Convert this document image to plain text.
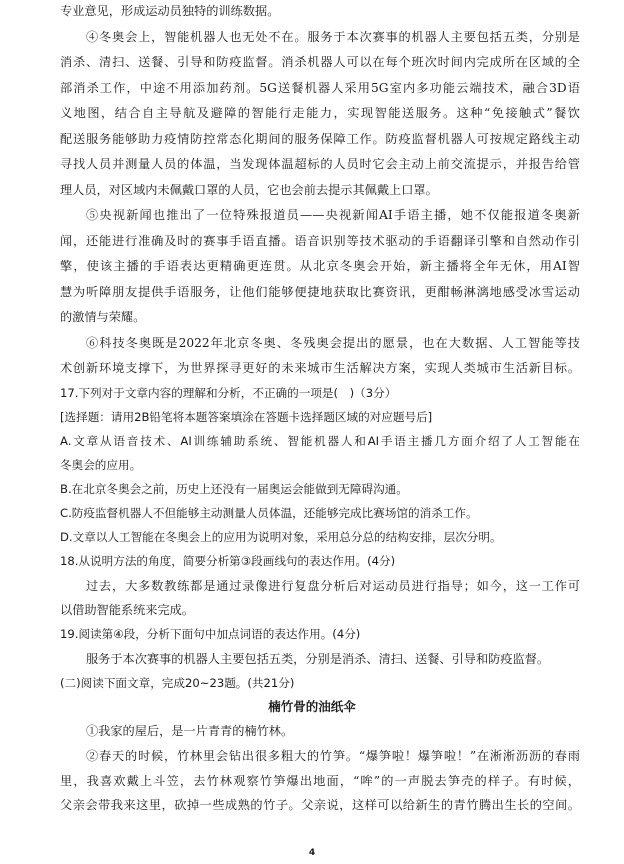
专业意见，形成运动员独特的训练数据。
④冬奥会上，智能机器人也无处不在。服务于本次赛事的机器人主要包括五类，分别是
消杀、清扫、送餐、引导和防疫监督。消杀机器人可以在每个班次时间内完成所在区域的全
部消杀工作，中途不用添加药剂。5G送餐机器人采用5G室内多功能云端技术，融合3D语
义地图，结合自主导航及避障的智能行走能力，实现智能送服务。这种“免接触式”餐饮
配送服务能够助力疫情防控常态化期间的服务保障工作。防疫监督机器人可按规定路线主动
寻找人员并测量人员的体温，当发现体温超标的人员时它会主动上前交流提示，并报告给管
理人员，对区域内未佩戴口罩的人员，它也会前去提示其佩戴上口罩。
⑤央视新闻也推出了一位特殊报道员——央视新闻AI手语主播，她不仅能报道冬奥新
闻，还能进行准确及时的赛事手语直播。语音识别等技术驱动的手语翻译引擎和自然动作引
擎，使该主播的手语表达更精确更连贯。从北京冬奥会开始，新主播将全年无休，用AI智
慧为听障朋友提供手语服务，让他们能够便捷地获取比赛资讯，更酣畅淋漓地感受冰雪运动
的激情与荣耀。
⑥科技冬奥既是2022年北京冬奥、冬残奥会提出的愿景，也在大数据、人工智能等技
术创新环境支撑下，为世界探寻更好的未来城市生活解决方案，实现人类城市生活新目标。
17.下列对于文章内容的理解和分析，不正确的一项是(　)（3分）
[选择题：请用2B铅笔将本题答案填涂在答题卡选择题区域的对应题号后]
A.文章从语音技术、AI训练辅助系统、智能机器人和AI手语主播几方面介绍了人工智能在
冬奥会的应用。
B.在北京冬奥会之前，历史上还没有一届奥运会能做到无障碍沟通。
C.防疫监督机器人不但能够主动测量人员体温，还能够完成比赛场馆的消杀工作。
D.文章以人工智能在冬奥会上的应用为说明对象，采用总分总的结构安排，层次分明。
18.从说明方法的角度，简要分析第③段画线句的表达作用。(4分)
过去，大多数教练都是通过录像进行复盘分析后对运动员进行指导；如今，这一工作可
以借助智能系统来完成。
19.阅读第④段，分析下面句中加点词语的表达作用。(4分)
服务于本次赛事的机器人主要包括五类，分别是消杀、清扫、送餐、引导和防疫监督。
(二)阅读下面文章，完成20~23题。(共21分)
楠竹骨的油纸伞
①我家的屋后，是一片青青的楠竹林。
②春天的时候，竹林里会钻出很多粗大的竹笋。“爆笋啦！爆笋啦！”在淅淅沥沥的春雨
里，我喜欢戴上斗笠，去竹林观察竹笋爆出地面，“哞”的一声脱去笋壳的样子。有时候，
父亲会带我来这里，砍掉一些成熟的竹子。父亲说，这样可以给新生的青竹腾出生长的空间。
4
